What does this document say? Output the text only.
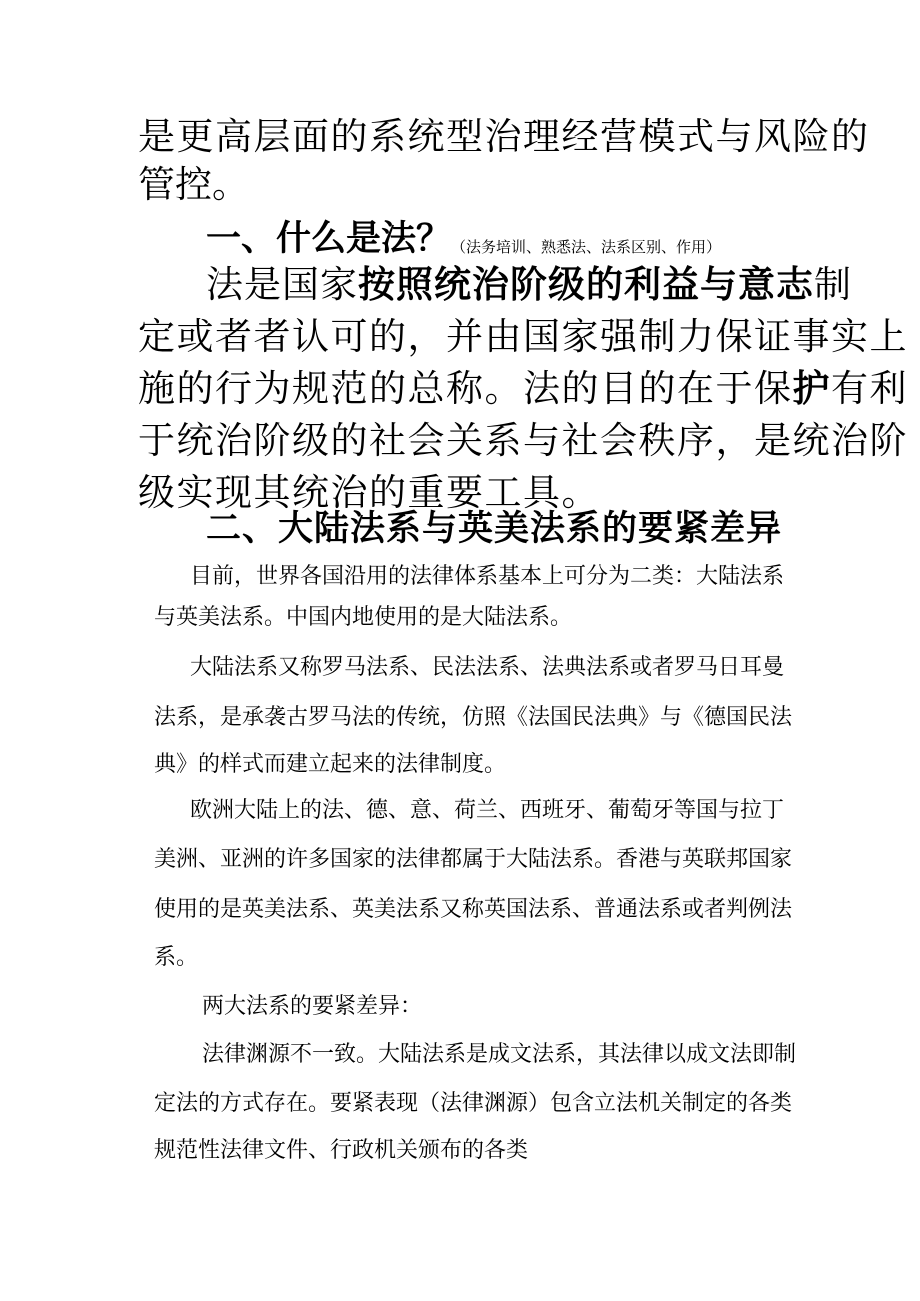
是更高层面的系统型治理经营模式与风险的

管控。

一、什么是法？（法务培训、熟悉法、法系区别、作用）

法是国家按照统治阶级的利益与意志制

定或者者认可的，并由国家强制力保证事实上

施的行为规范的总称。法的目的在于保护有利

于统治阶级的社会关系与社会秩序，是统治阶

级实现其统治的重要工具。

二、大陆法系与英美法系的要紧差异

目前，世界各国沿用的法律体系基本上可分为二类：大陆法系

与英美法系。中国内地使用的是大陆法系。

大陆法系又称罗马法系、民法法系、法典法系或者罗马日耳曼

法系，是承袭古罗马法的传统，仿照《法国民法典》与《德国民法

典》的样式而建立起来的法律制度。

欧洲大陆上的法、德、意、荷兰、西班牙、葡萄牙等国与拉丁

美洲、亚洲的许多国家的法律都属于大陆法系。香港与英联邦国家

使用的是英美法系、英美法系又称英国法系、普通法系或者判例法

系。

两大法系的要紧差异：

法律渊源不一致。大陆法系是成文法系，其法律以成文法即制

定法的方式存在。要紧表现（法律渊源）包含立法机关制定的各类

规范性法律文件、行政机关颁布的各类
